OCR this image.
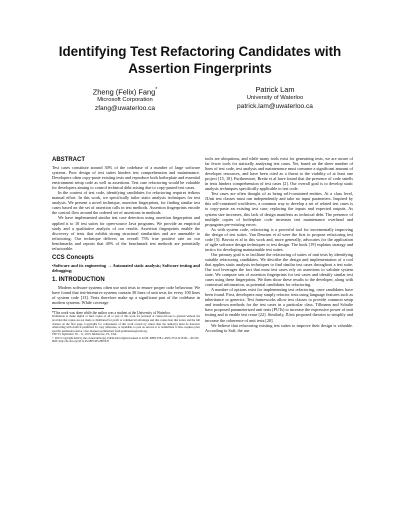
Identifying Test Refactoring Candidates with
Assertion Fingerprints
Zheng (Felix) Fang*
Microsoft Corporation
zfang@uwaterloo.ca
Patrick Lam
University of Waterloo
patrick.lam@uwaterloo.ca
ABSTRACT

Test cases constitute around 30% of the codebase of a number of large software systems. Poor design of test suites hinders test comprehension and maintenance. Developers often copy-paste existing tests and reproduce both boilerplate and essential environment setup code as well as assertions. Test case refactoring would be valuable for developers aiming to control technical debt arising due to copy-pasted test cases.

In the context of test code, identifying candidates for refactoring requires tedious manual effort. In this work, we specifically tailor static analysis techniques for test analysis. We present a novel technique, assertion fingerprints, for finding similar test cases based on the set of assertion calls in test methods. Assertion fingerprints encode the control flow around the ordered set of assertions in methods.

We have implemented similar test case detection using assertion fingerprints and applied it to 10 test suites for open-source Java programs. We provide an empirical study and a qualitative analysis of our results. Assertion fingerprints enable the discovery of tests that exhibit strong structural similarities and are amenable to refactoring. Our technique delivers an overall 75% true positive rate on our benchmarks and reports that 40% of the benchmark test methods are potentially refactorable.

CCS Concepts
•Software and its engineering → Automated static analysis; Software testing and debugging;
1. INTRODUCTION

Modern software systems often use unit tests to ensure proper code behaviour. We have found that test-intensive systems contain 30 lines of unit tests for every 100 lines of system code [13]. Tests therefore make up a significant part of the codebase in modern systems. While coverage

*This work was done while the author was a student at the University of Waterloo.

Permission to make digital or hard copies of all or part of this work for personal or classroom use is granted without fee provided that copies are not made or distributed for profit or commercial advantage and that copies bear this notice and the full citation on the first page. Copyrights for components of this work owned by others than the author(s) must be honored. Abstracting with credit is permitted. To copy otherwise, or republish, to post on servers or to redistribute to lists, requires prior specific permission and/or a fee. Request permissions from permissions@acm.org.

FSE'15, September 30 – 11, 2015, Melbourne, FL, USA

© 2015 Copyright held by the owner/author(s). Publication rights licensed to ACM. ISBN 978-1-4503-3712-8/15/09 ... $15.00

DOI: http://dx.doi.org/10.1145/2807435.2807437

tools are ubiquitous, and while many tools exist for generating tests, we are aware of far fewer tools for statically analyzing test cases. Yet, based on the sheer number of lines of test code, test analysis and maintenance must consume a significant amount of developer resources, and have been cited as a threat to the viability of at least one project [15, 18]. Furthermore, Breitz et al have found that the presence of code smells in tests hinders comprehension of test cases [2]. Our overall goal is to develop static analysis techniques specifically applicable to test code.

Test cases are often thought of as being self-contained entities. At a class level, JUnit test classes must run independently and take no input parameters. Inspired by this self-contained worldview, a common way to develop a set of related test cases is to copy-paste an existing test case, replacing the inputs and expected outputs. As system size increases, this lack of design manifests as technical debt. The presence of multiple copies of boilerplate code increases test maintenance overhead and propagates pre-existing errors.

As with system code, refactoring is a powerful tool for incrementally improving the design of test suites. Van Deursen et al were the first to propose refactoring test code [5]. Bavota et al in this work and, more generally, advocates for the application of agile software design techniques to test design. The book [19] explains strategy and tactics for developing maintainable test suites.

Our primary goal is to facilitate the refactoring of suites of unit tests by identifying suitable refactoring candidates. We describe the design and implementation of a tool that applies static analysis techniques to find similar test cases throughout a test suite. Our tool leverages the fact that most test cases rely on assertions to validate system state. We compute sets of assertion fingerprints for test cases and identify similar test cases using these fingerprints. We then show these results to the developer, along with contextual information, as potential candidates for refactoring.

A number of options exist for implementing test refactoring, once candidates have been found. First, developers may simply refactor tests using language features such as inheritance or generics. Test frameworks allow test classes to provide common setup and teardown methods for the test cases in a particular class. Tillmann and Schulte have proposed parameterized unit tests (PUTs) to increase the expressive power of unit testing and to enable test reuse [22]. Similarly, JUnit proposed theories to simplify and increase the coherence of unit tests [20].

We believe that refactoring existing test suites to improve their design is valuable. According to Saff, the use
